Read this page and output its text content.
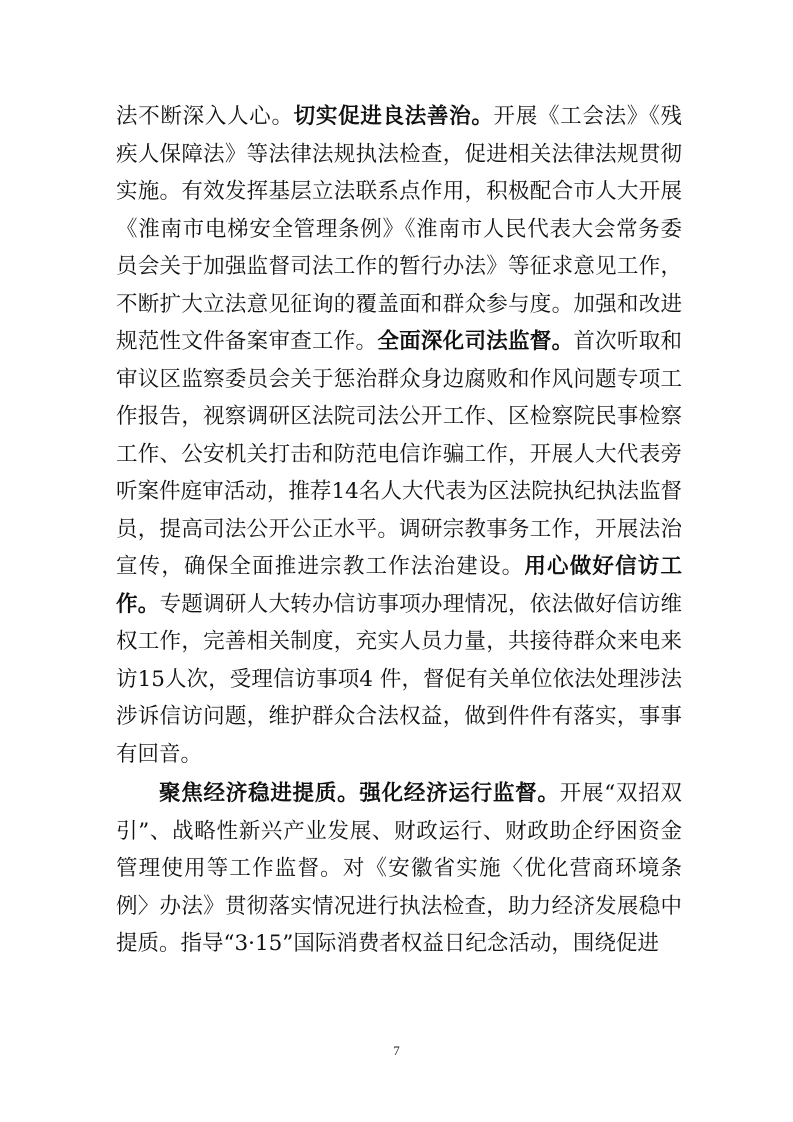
法不断深入人心。切实促进良法善治。开展《工会法》《残疾人保障法》等法律法规执法检查，促进相关法律法规贯彻实施。有效发挥基层立法联系点作用，积极配合市人大开展《淮南市电梯安全管理条例》《淮南市人民代表大会常务委员会关于加强监督司法工作的暂行办法》等征求意见工作，不断扩大立法意见征询的覆盖面和群众参与度。加强和改进规范性文件备案审查工作。全面深化司法监督。首次听取和审议区监察委员会关于惩治群众身边腐败和作风问题专项工作报告，视察调研区法院司法公开工作、区检察院民事检察工作、公安机关打击和防范电信诈骗工作，开展人大代表旁听案件庭审活动，推荐14名人大代表为区法院执纪执法监督员，提高司法公开公正水平。调研宗教事务工作，开展法治宣传，确保全面推进宗教工作法治建设。用心做好信访工作。专题调研人大转办信访事项办理情况，依法做好信访维权工作，完善相关制度，充实人员力量，共接待群众来电来访15人次，受理信访事项4 件，督促有关单位依法处理涉法涉诉信访问题，维护群众合法权益，做到件件有落实，事事有回音。

聚焦经济稳进提质。强化经济运行监督。开展“双招双引”、战略性新兴产业发展、财政运行、财政助企纾困资金管理使用等工作监督。对《安徽省实施〈优化营商环境条例〉办法》贯彻落实情况进行执法检查，助力经济发展稳中提质。指导“3·15”国际消费者权益日纪念活动，围绕促进

7
